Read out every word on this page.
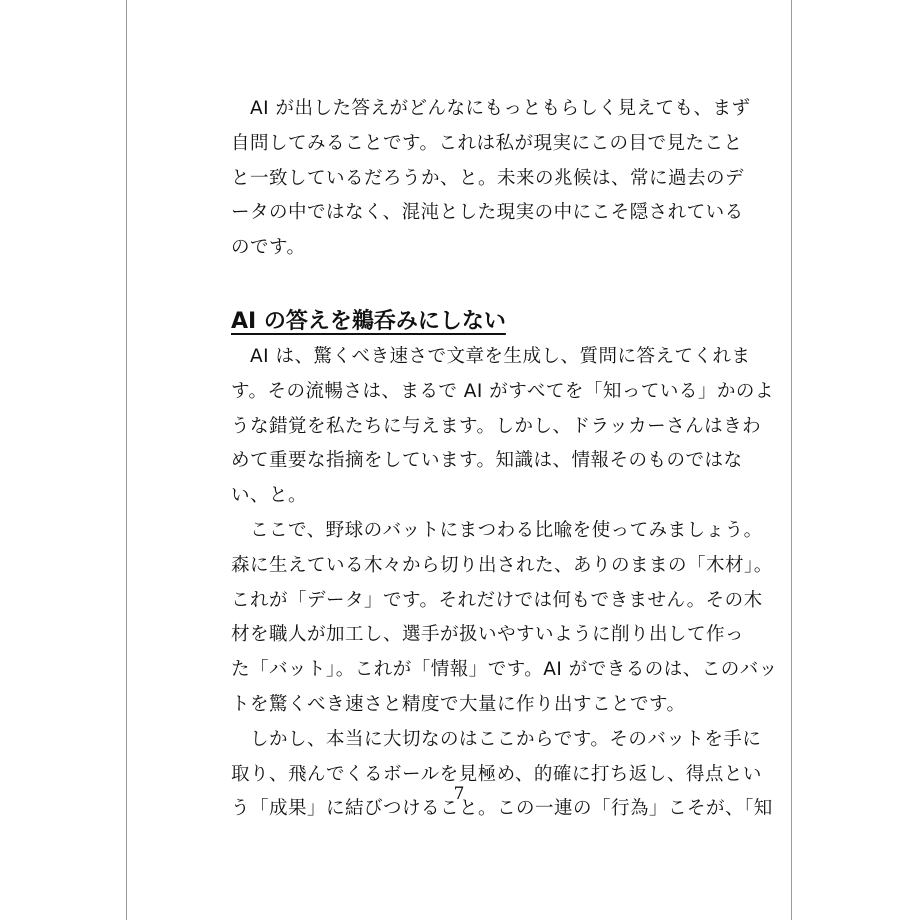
AI が出した答えがどんなにもっともらしく見えても、まず

自問してみることです。これは私が現実にこの目で見たこと

と一致しているだろうか、と。未来の兆候は、常に過去のデ

ータの中ではなく、混沌とした現実の中にこそ隠されている

のです。

AI の答えを鵜呑みにしない

AI は、驚くべき速さで文章を生成し、質問に答えてくれま

す。その流暢さは、まるで AI がすべてを「知っている」かのよ

うな錯覚を私たちに与えます。しかし、ドラッカーさんはきわ

めて重要な指摘をしています。知識は、情報そのものではな

い、と。

ここで、野球のバットにまつわる比喩を使ってみましょう。

森に生えている木々から切り出された、ありのままの「木材」。

これが「データ」です。それだけでは何もできません。その木

材を職人が加工し、選手が扱いやすいように削り出して作っ

た「バット」。これが「情報」です。AI ができるのは、このバッ

トを驚くべき速さと精度で大量に作り出すことです。

しかし、本当に大切なのはここからです。そのバットを手に

取り、飛んでくるボールを見極め、的確に打ち返し、得点とい

う「成果」に結びつけること。この一連の「行為」こそが、「知

7
